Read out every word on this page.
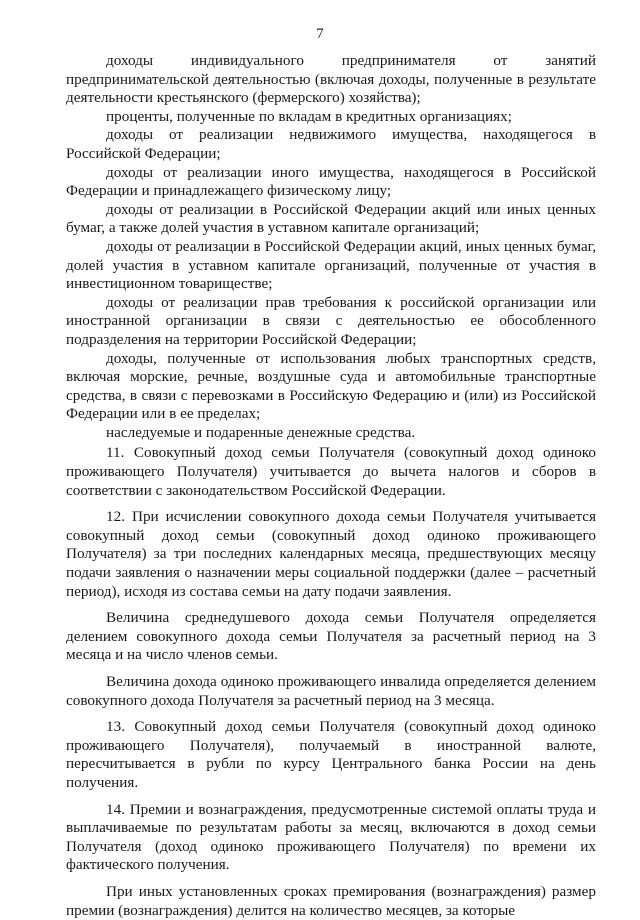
7

доходы индивидуального предпринимателя от занятий предпринимательской деятельностью (включая доходы, полученные в результате деятельности крестьянского (фермерского) хозяйства);

проценты, полученные по вкладам в кредитных организациях;

доходы от реализации недвижимого имущества, находящегося в Российской Федерации;

доходы от реализации иного имущества, находящегося в Российской Федерации и принадлежащего физическому лицу;

доходы от реализации в Российской Федерации акций или иных ценных бумаг, а также долей участия в уставном капитале организаций;

доходы от реализации в Российской Федерации акций, иных ценных бумаг, долей участия в уставном капитале организаций, полученные от участия в инвестиционном товариществе;

доходы от реализации прав требования к российской организации или иностранной организации в связи с деятельностью ее обособленного подразделения на территории Российской Федерации;

доходы, полученные от использования любых транспортных средств, включая морские, речные, воздушные суда и автомобильные транспортные средства, в связи с перевозками в Российскую Федерацию и (или) из Российской Федерации или в ее пределах;

наследуемые и подаренные денежные средства.

11. Совокупный доход семьи Получателя (совокупный доход одиноко проживающего Получателя) учитывается до вычета налогов и сборов в соответствии с законодательством Российской Федерации.

12. При исчислении совокупного дохода семьи Получателя учитывается совокупный доход семьи (совокупный доход одиноко проживающего Получателя) за три последних календарных месяца, предшествующих месяцу подачи заявления о назначении меры социальной поддержки (далее – расчетный период), исходя из состава семьи на дату подачи заявления.

Величина среднедушевого дохода семьи Получателя определяется делением совокупного дохода семьи Получателя за расчетный период на 3 месяца и на число членов семьи.

Величина дохода одиноко проживающего инвалида определяется делением совокупного дохода Получателя за расчетный период на 3 месяца.

13. Совокупный доход семьи Получателя (совокупный доход одиноко проживающего Получателя), получаемый в иностранной валюте, пересчитывается в рубли по курсу Центрального банка России на день получения.

14. Премии и вознаграждения, предусмотренные системой оплаты труда и выплачиваемые по результатам работы за месяц, включаются в доход семьи Получателя (доход одиноко проживающего Получателя) по времени их фактического получения.

При иных установленных сроках премирования (вознаграждения) размер премии (вознаграждения) делится на количество месяцев, за которые
